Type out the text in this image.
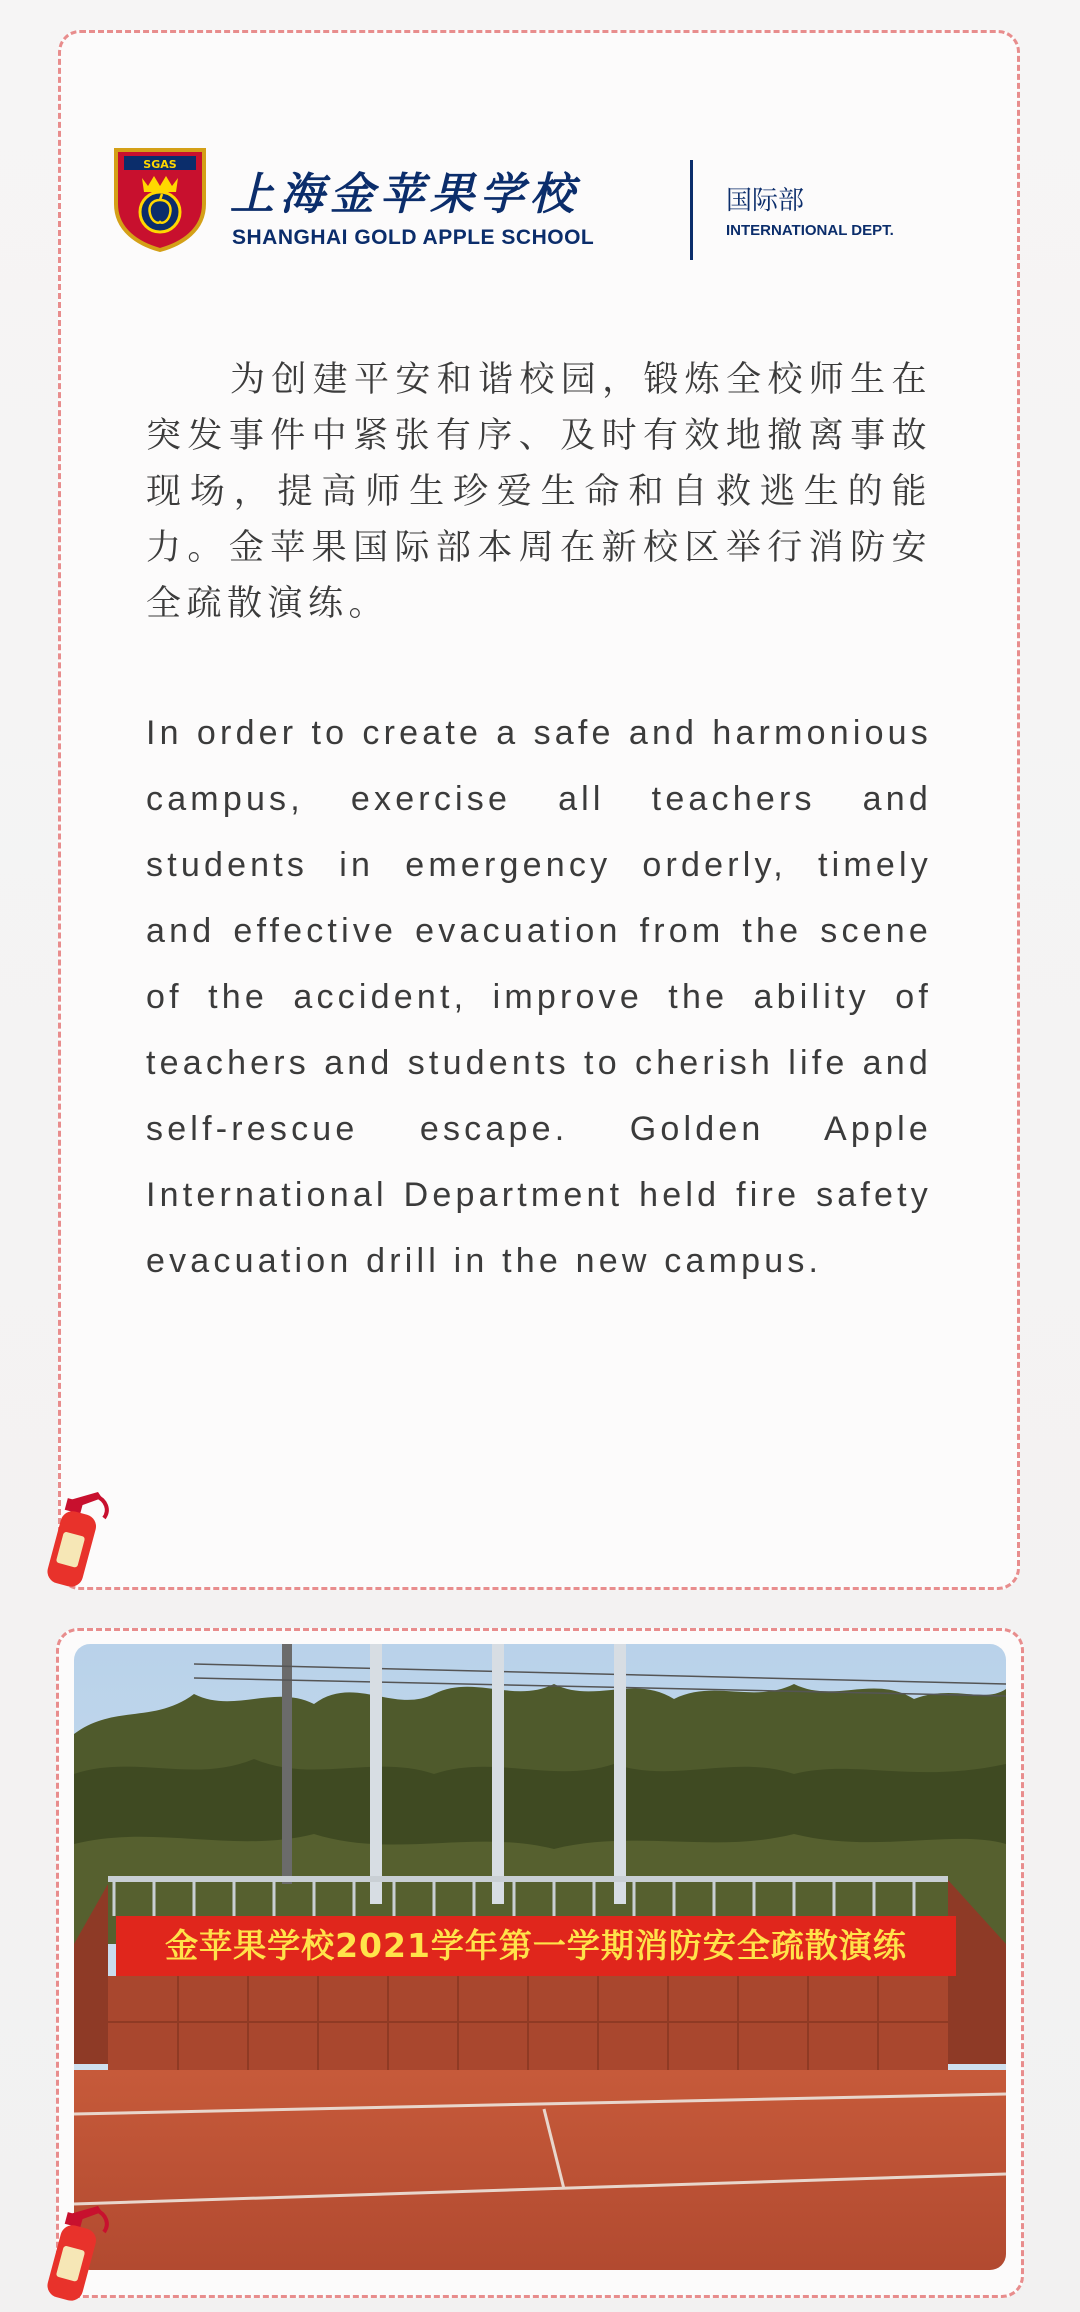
SGAS
上海金苹果学校
SHANGHAI GOLD APPLE SCHOOL
国际部
INTERNATIONAL DEPT.

为创建平安和谐校园，锻炼全校师生在突发事件中紧张有序、及时有效地撤离事故现场，提高师生珍爱生命和自救逃生的能力。金苹果国际部本周在新校区举行消防安全疏散演练。

In order to create a safe and harmonious campus, exercise all teachers and students in emergency orderly, timely and effective evacuation from the scene of the accident, improve the ability of teachers and students to cherish life and self-rescue escape. Golden Apple International Department held fire safety evacuation drill in the new campus.

金苹果学校2021学年第一学期消防安全疏散演练
